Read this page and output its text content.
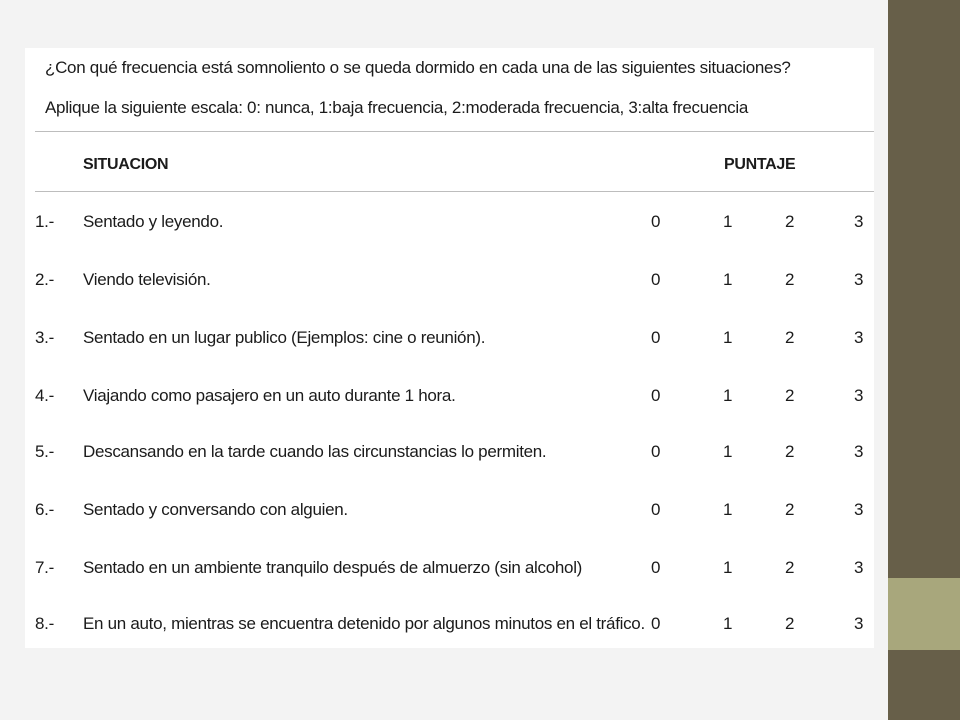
¿Con qué frecuencia está somnoliento o se queda dormido en cada una de las siguientes situaciones?
Aplique la siguiente escala: 0: nunca, 1:baja frecuencia, 2:moderada frecuencia, 3:alta frecuencia
SITUACION	PUNTAJE
1.- Sentado y leyendo.	0	1	2	3
2.- Viendo televisión.	0	1	2	3
3.- Sentado en un lugar publico (Ejemplos: cine o reunión).	0	1	2	3
4.- Viajando como pasajero en un auto durante 1 hora.	0	1	2	3
5.- Descansando en la tarde cuando las circunstancias lo permiten.	0	1	2	3
6.- Sentado y conversando con alguien.	0	1	2	3
7.- Sentado en un ambiente tranquilo después de almuerzo (sin alcohol)	0	1	2	3
8.- En un auto, mientras se encuentra detenido por algunos minutos en el tráfico. 0	1	2	3
